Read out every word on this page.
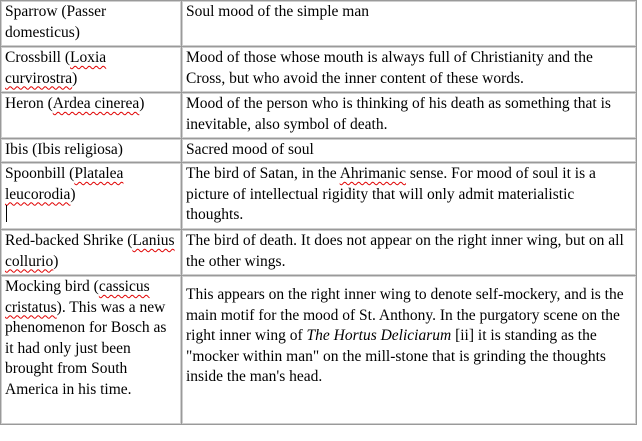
Sparrow (Passer domesticus)	Soul mood of the simple man
Crossbill (Loxia curvirostra)	Mood of those whose mouth is always full of Christianity and the Cross, but who avoid the inner content of these words.
Heron (Ardea cinerea)	Mood of the person who is thinking of his death as something that is inevitable, also symbol of death.
Ibis (Ibis religiosa)	Sacred mood of soul
Spoonbill (Platalea leucorodia)	The bird of Satan, in the Ahrimanic sense. For mood of soul it is a picture of intellectual rigidity that will only admit materialistic thoughts.
Red-backed Shrike (Lanius collurio)	The bird of death. It does not appear on the right inner wing, but on all the other wings.
Mocking bird (cassicus cristatus). This was a new phenomenon for Bosch as it had only just been brought from South America in his time.	This appears on the right inner wing to denote self-mockery, and is the main motif for the mood of St. Anthony. In the purgatory scene on the right inner wing of The Hortus Deliciarum [ii] it is standing as the "mocker within man" on the mill-stone that is grinding the thoughts inside the man's head.
